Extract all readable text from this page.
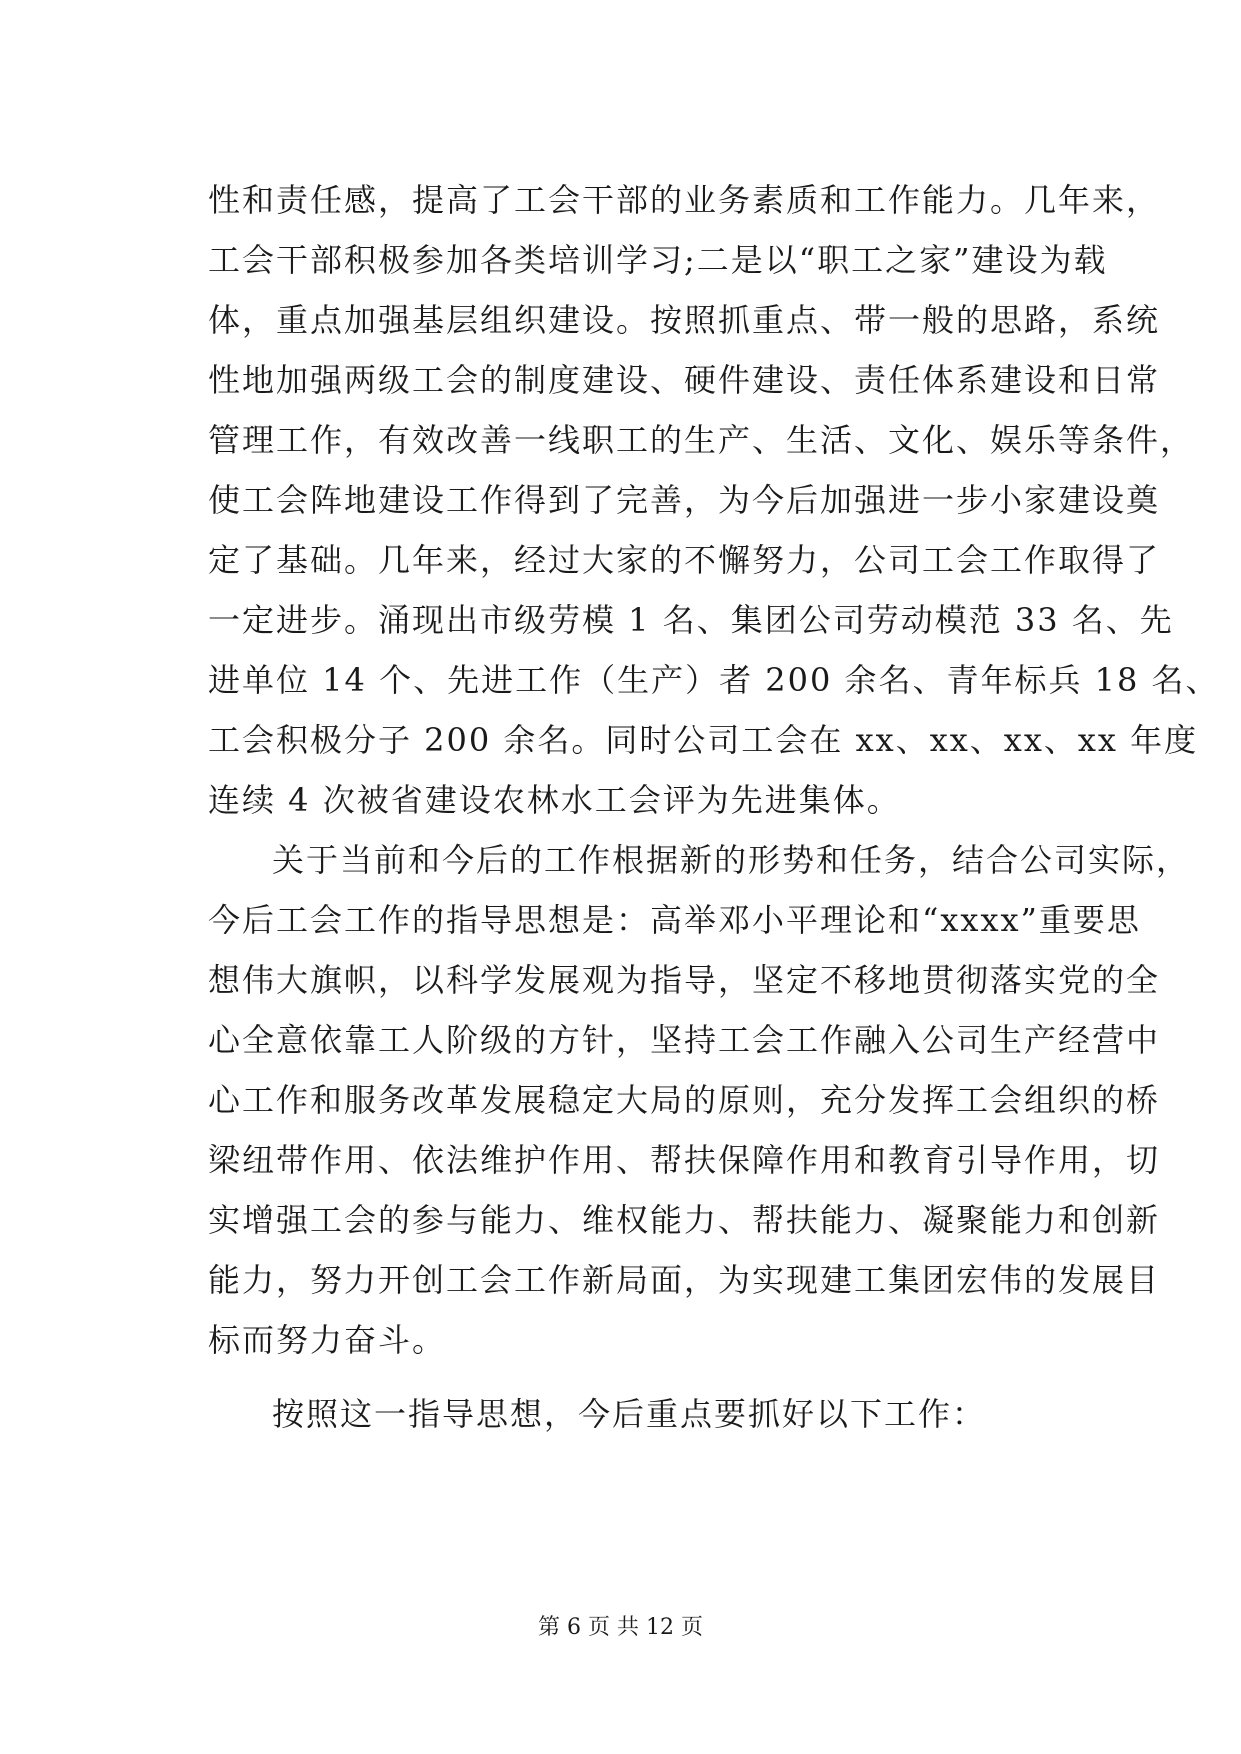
性和责任感，提高了工会干部的业务素质和工作能力。几年来，
工会干部积极参加各类培训学习;二是以“职工之家”建设为载
体，重点加强基层组织建设。按照抓重点、带一般的思路，系统
性地加强两级工会的制度建设、硬件建设、责任体系建设和日常
管理工作，有效改善一线职工的生产、生活、文化、娱乐等条件，
使工会阵地建设工作得到了完善，为今后加强进一步小家建设奠
定了基础。几年来，经过大家的不懈努力，公司工会工作取得了
一定进步。涌现出市级劳模 1 名、集团公司劳动模范 33 名、先
进单位 14 个、先进工作（生产）者 200 余名、青年标兵 18 名、
工会积极分子 200 余名。同时公司工会在 xx、xx、xx、xx 年度
连续 4 次被省建设农林水工会评为先进集体。
关于当前和今后的工作根据新的形势和任务，结合公司实际，
今后工会工作的指导思想是：高举邓小平理论和“xxxx”重要思
想伟大旗帜，以科学发展观为指导，坚定不移地贯彻落实党的全
心全意依靠工人阶级的方针，坚持工会工作融入公司生产经营中
心工作和服务改革发展稳定大局的原则，充分发挥工会组织的桥
梁纽带作用、依法维护作用、帮扶保障作用和教育引导作用，切
实增强工会的参与能力、维权能力、帮扶能力、凝聚能力和创新
能力，努力开创工会工作新局面，为实现建工集团宏伟的发展目
标而努力奋斗。
按照这一指导思想，今后重点要抓好以下工作：
第 6 页 共 12 页
